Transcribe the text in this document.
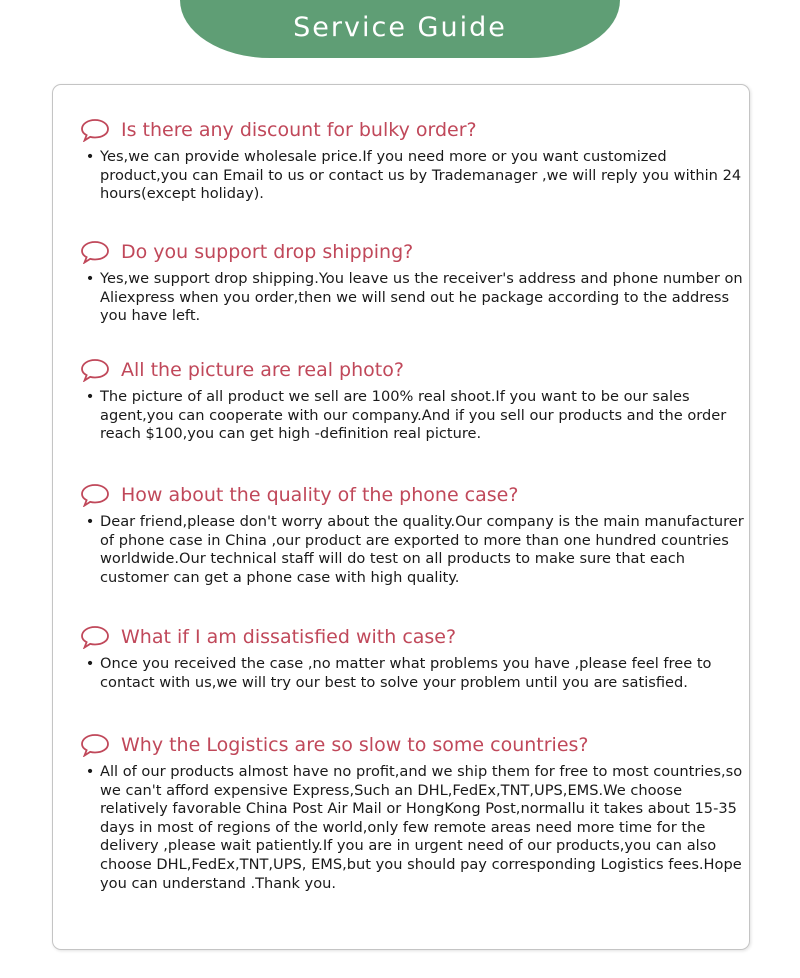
Service Guide
Is there any discount for bulky order?
• Yes,we can provide wholesale price.If you need more or you want customized product,you can Email to us or contact us by Trademanager ,we will reply you within 24 hours(except holiday).
Do you support drop shipping?
• Yes,we support drop shipping.You leave us the receiver's address and phone number on Aliexpress when you order,then we will send out he package according to the address you have left.
All the picture are real photo?
• The picture of all product we sell are 100% real shoot.If you want to be our sales agent,you can cooperate with our company.And if you sell our products and the order reach $100,you can get high -definition real picture.
How about the quality of the phone case?
• Dear friend,please don't worry about the quality.Our company is the main manufacturer of phone case in China ,our product are exported to more than one hundred countries worldwide.Our technical staff will do test on all products to make sure that each customer can get a phone case with high quality.
What if I am dissatisfied with case?
• Once you received the case ,no matter what problems you have ,please feel free to contact with us,we will try our best to solve your problem until you are satisfied.
Why the Logistics are so slow to some countries?
• All of our products almost have no profit,and we ship them for free to most countries,so we can't afford expensive Express,Such an DHL,FedEx,TNT,UPS,EMS.We choose relatively favorable China Post Air Mail or HongKong Post,normallu it takes about 15-35 days in most of regions of the world,only few remote areas need more time for the delivery ,please wait patiently.If you are in urgent need of our products,you can also choose DHL,FedEx,TNT,UPS, EMS,but you should pay corresponding Logistics fees.Hope you can understand .Thank you.
